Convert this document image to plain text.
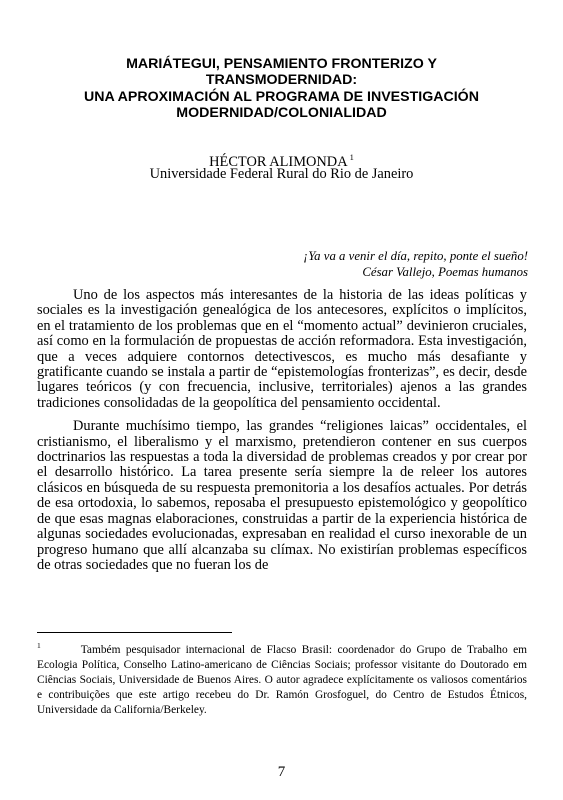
MARIÁTEGUI, PENSAMIENTO FRONTERIZO Y
TRANSMODERNIDAD:
UNA APROXIMACIÓN AL PROGRAMA DE INVESTIGACIÓN
MODERNIDAD/COLONIALIDAD
HÉCTOR ALIMONDA $^1$
Universidade Federal Rural do Rio de Janeiro
¡Ya va a venir el día, repito, ponte el sueño!
César Vallejo, Poemas humanos

Uno de los aspectos más interesantes de la historia de las ideas políticas y sociales es la investigación genealógica de los antecesores, explícitos o implícitos, en el tratamiento de los problemas que en el “momento actual” devinieron cruciales, así como en la formulación de propuestas de acción reformadora. Esta investigación, que a veces adquiere contornos detectivescos, es mucho más desafiante y gratificante cuando se instala a partir de “epistemologías fronterizas”, es decir, desde lugares teóricos (y con frecuencia, inclusive, territoriales) ajenos a las grandes tradiciones consolidadas de la geopolítica del pensamiento occidental.

Durante muchísimo tiempo, las grandes “religiones laicas” occidentales, el cristianismo, el liberalismo y el marxismo, pretendieron contener en sus cuerpos doctrinarios las respuestas a toda la diversidad de problemas creados y por crear por el desarrollo histórico. La tarea presente sería siempre la de releer los autores clásicos en búsqueda de su respuesta premonitoria a los desafíos actuales. Por detrás de esa ortodoxia, lo sabemos, reposaba el presupuesto epistemológico y geopolítico de que esas magnas elaboraciones, construidas a partir de la experiencia histórica de algunas sociedades evolucionadas, expresaban en realidad el curso inexorable de un progreso humano que allí alcanzaba su clímax. No existirían problemas específicos de otras sociedades que no fueran los de

$^1$	Também pesquisador internacional de Flacso Brasil: coordenador do Grupo de Trabalho em Ecologia Política, Conselho Latino-americano de Ciências Sociais; professor visitante do Doutorado em Ciências Sociais, Universidade de Buenos Aires. O autor agradece explícitamente os valiosos comentários e contribuições que este artigo recebeu do Dr. Ramón Grosfoguel, do Centro de Estudos Étnicos, Universidade da California/Berkeley.
7
